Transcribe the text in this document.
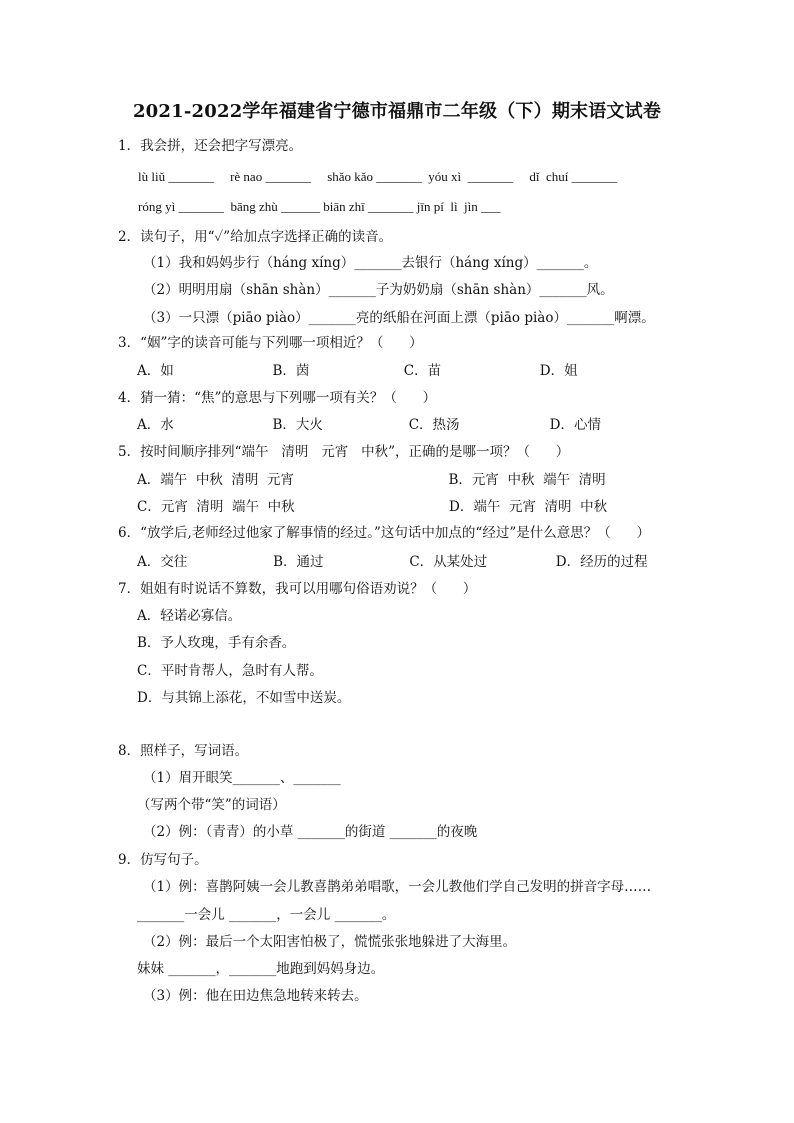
2021-2022学年福建省宁德市福鼎市二年级（下）期末语文试卷
1．我会拼，还会把字写漂亮。
lù liǔ _______     rè nao _______     shǎo kǎo _______  yóu xì  _______     dǐ  chuí _______
róng yì _______  bāng zhù ______ biān zhī _______ jīn pí  lì  jìn ___
2．读句子，用“✓”给加点字选择正确的读音。
（1）我和妈妈步行（háng xíng）_______去银行（háng xíng）_______。
（2）明明用扇（shān shàn）_______子为奶奶扇（shān shàn）_______风。
（3）一只漂（piāo piào）_______亮的纸船在河面上漂（piāo piào）_______啊漂。
3．“姻”字的读音可能与下列哪一项相近？（      ）
A．如                       B．茵                      C．苗                       D．姐
4．猜一猜：“焦”的意思与下列哪一项有关？（      ）
A．水                       B．大火                    C．热汤                     D．心情
5．按时间顺序排列“端午   清明   元宵   中秋”，正确的是哪一项？（      ）
A．端午  中秋  清明  元宵                                    B．元宵  中秋  端午  清明
C．元宵  清明  端午  中秋                                    D．端午  元宵  清明  中秋
6．“放学后,老师经过他家了解事情的经过。”这句话中加点的“经过”是什么意思？（      ）
A．交往                    B．通过                    C．从某处过                D．经历的过程
7．姐姐有时说话不算数，我可以用哪句俗语劝说？（      ）
A．轻诺必寡信。
B．予人玫瑰，手有余香。
C．平时肯帮人，急时有人帮。
D．与其锦上添花，不如雪中送炭。
8．照样子，写词语。
（1）眉开眼笑_______、_______
（写两个带“笑”的词语）
（2）例：（青青）的小草 _______的街道 _______的夜晚
9．仿写句子。
（1）例：喜鹊阿姨一会儿教喜鹊弟弟唱歌，一会儿教他们学自己发明的拼音字母……
_______一会儿 _______，一会儿 _______。
（2）例：最后一个太阳害怕极了，慌慌张张地躲进了大海里。
妹妹 _______，_______地跑到妈妈身边。
（3）例：他在田边焦急地转来转去。
